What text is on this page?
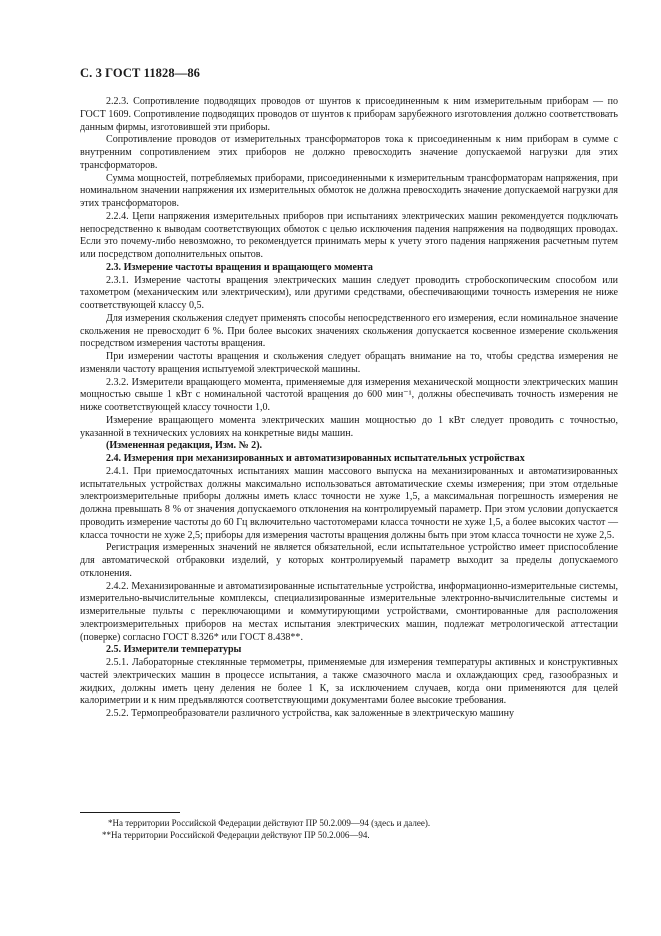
С. 3 ГОСТ 11828—86

2.2.3. Сопротивление подводящих проводов от шунтов к присоединенным к ним измерительным приборам — по ГОСТ 1609. Сопротивление подводящих проводов от шунтов к приборам зарубежного изготовления должно соответствовать данным фирмы, изготовившей эти приборы.

Сопротивление проводов от измерительных трансформаторов тока к присоединенным к ним приборам в сумме с внутренним сопротивлением этих приборов не должно превосходить значение допускаемой нагрузки для этих трансформаторов.

Сумма мощностей, потребляемых приборами, присоединенными к измерительным трансформаторам напряжения, при номинальном значении напряжения их измерительных обмоток не должна превосходить значение допускаемой нагрузки для этих трансформаторов.

2.2.4. Цепи напряжения измерительных приборов при испытаниях электрических машин рекомендуется подключать непосредственно к выводам соответствующих обмоток с целью исключения падения напряжения на подводящих проводах. Если это почему-либо невозможно, то рекомендуется принимать меры к учету этого падения напряжения расчетным путем или посредством дополнительных опытов.

2.3. Измерение частоты вращения и вращающего момента

2.3.1. Измерение частоты вращения электрических машин следует проводить стробоскопическим способом или тахометром (механическим или электрическим), или другими средствами, обеспечивающими точность измерения не ниже соответствующей классу 0,5.

Для измерения скольжения следует применять способы непосредственного его измерения, если номинальное значение скольжения не превосходит 6 %. При более высоких значениях скольжения допускается косвенное измерение скольжения посредством измерения частоты вращения.

При измерении частоты вращения и скольжения следует обращать внимание на то, чтобы средства измерения не изменяли частоту вращения испытуемой электрической машины.

2.3.2. Измерители вращающего момента, применяемые для измерения механической мощности электрических машин мощностью свыше 1 кВт с номинальной частотой вращения до 600 мин⁻¹, должны обеспечивать точность измерения не ниже соответствующей классу точности 1,0.

Измерение вращающего момента электрических машин мощностью до 1 кВт следует проводить с точностью, указанной в технических условиях на конкретные виды машин.

(Измененная редакция, Изм. № 2).

2.4. Измерения при механизированных и автоматизированных испытательных устройствах

2.4.1. При приемосдаточных испытаниях машин массового выпуска на механизированных и автоматизированных испытательных устройствах должны максимально использоваться автоматические схемы измерения; при этом отдельные электроизмерительные приборы должны иметь класс точности не хуже 1,5, а максимальная погрешность измерения не должна превышать 8 % от значения допускаемого отклонения на контролируемый параметр. При этом условии допускается проводить измерение частоты до 60 Гц включительно частотомерами класса точности не хуже 1,5, а более высоких частот — класса точности не хуже 2,5; приборы для измерения частоты вращения должны быть при этом класса точности не хуже 2,5.

Регистрация измеренных значений не является обязательной, если испытательное устройство имеет приспособление для автоматической отбраковки изделий, у которых контролируемый параметр выходит за пределы допускаемого отклонения.

2.4.2. Механизированные и автоматизированные испытательные устройства, информационно-измерительные системы, измерительно-вычислительные комплексы, специализированные измерительные электронно-вычислительные системы и измерительные пульты с переключающими и коммутирующими устройствами, смонтированные для расположения электроизмерительных приборов на местах испытания электрических машин, подлежат метрологической аттестации (поверке) согласно ГОСТ 8.326* или ГОСТ 8.438**.

2.5. Измерители температуры

2.5.1. Лабораторные стеклянные термометры, применяемые для измерения температуры активных и конструктивных частей электрических машин в процессе испытания, а также смазочного масла и охлаждающих сред, газообразных и жидких, должны иметь цену деления не более 1 К, за исключением случаев, когда они применяются для целей калориметрии и к ним предъявляются соответствующими документами более высокие требования.

2.5.2. Термопреобразователи различного устройства, как заложенные в электрическую машину

*На территории Российской Федерации действуют ПР 50.2.009—94 (здесь и далее).

**На территории Российской Федерации действуют ПР 50.2.006—94.
